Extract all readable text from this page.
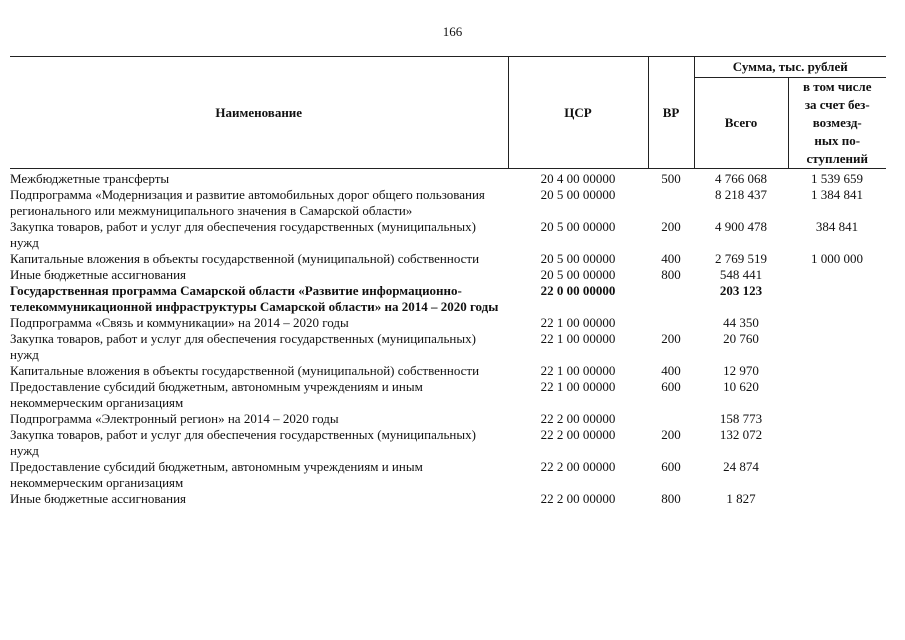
166
Наименование	ЦСР	ВР	Сумма, тыс. рублей	
			Всего	в том числе за счет без-возмезд-ных по-ступлений

Межбюджетные трансферты	20 4 00 00000	500	4 766 068	1 539 659
Подпрограмма «Модернизация и развитие автомобильных дорог общего пользования регионального или межмуниципального значения в Самарской области»	20 5 00 00000		8 218 437	1 384 841
Закупка товаров, работ и услуг для обеспечения государственных (муниципальных) нужд	20 5 00 00000	200	4 900 478	384 841
Капитальные вложения в объекты государственной (муниципальной) собственности	20 5 00 00000	400	2 769 519	1 000 000
Иные бюджетные ассигнования	20 5 00 00000	800	548 441	
Государственная программа Самарской области «Развитие информационно-телекоммуникационной инфраструктуры Самарской области» на 2014 – 2020 годы	22 0 00 00000		203 123	
Подпрограмма «Связь и коммуникации» на 2014 – 2020 годы	22 1 00 00000		44 350	
Закупка товаров, работ и услуг для обеспечения государственных (муниципальных) нужд	22 1 00 00000	200	20 760	
Капитальные вложения в объекты государственной (муниципальной) собственности	22 1 00 00000	400	12 970	
Предоставление субсидий бюджетным, автономным учреждениям и иным некоммерческим организациям	22 1 00 00000	600	10 620	
Подпрограмма «Электронный регион» на 2014 – 2020 годы	22 2 00 00000		158 773	
Закупка товаров, работ и услуг для обеспечения государственных (муниципальных) нужд	22 2 00 00000	200	132 072	
Предоставление субсидий бюджетным, автономным учреждениям и иным некоммерческим организациям	22 2 00 00000	600	24 874	
Иные бюджетные ассигнования	22 2 00 00000	800	1 827	
